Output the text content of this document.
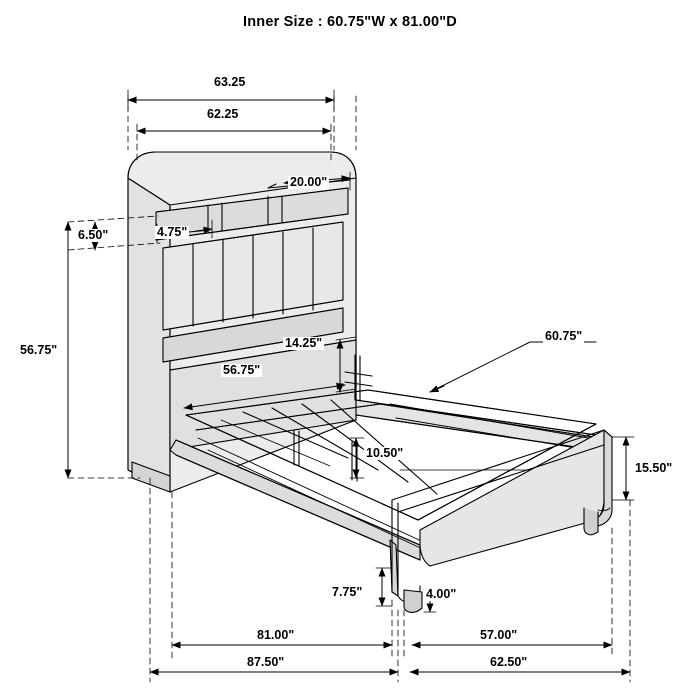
Inner Size : 60.75"W x 81.00"D
63.25
62.25
20.00"
4.75"
6.50"
56.75"	14.25"
56.75"
60.75"
10.50"
15.50"
7.75"	4.00"
81.00"	57.00"
87.50"	62.50"
